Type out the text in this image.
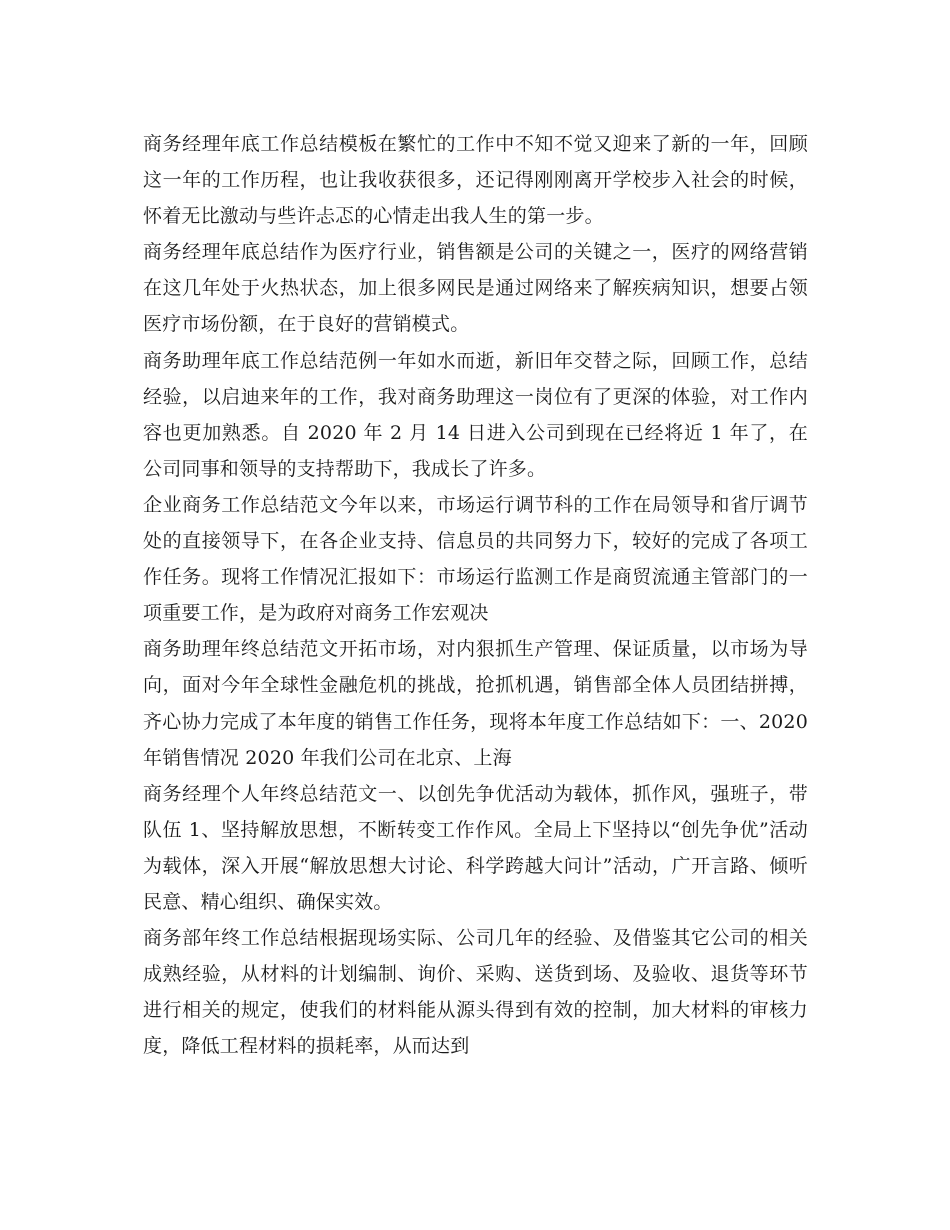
商务经理年底工作总结模板在繁忙的工作中不知不觉又迎来了新的一年，回顾这一年的工作历程，也让我收获很多，还记得刚刚离开学校步入社会的时候，怀着无比激动与些许忐忑的心情走出我人生的第一步。

商务经理年底总结作为医疗行业，销售额是公司的关键之一，医疗的网络营销在这几年处于火热状态，加上很多网民是通过网络来了解疾病知识，想要占领医疗市场份额，在于良好的营销模式。

商务助理年底工作总结范例一年如水而逝，新旧年交替之际，回顾工作，总结经验，以启迪来年的工作，我对商务助理这一岗位有了更深的体验，对工作内容也更加熟悉。自 2020 年 2 月 14 日进入公司到现在已经将近 1 年了，在公司同事和领导的支持帮助下，我成长了许多。

企业商务工作总结范文今年以来，市场运行调节科的工作在局领导和省厅调节处的直接领导下，在各企业支持、信息员的共同努力下，较好的完成了各项工作任务。现将工作情况汇报如下：市场运行监测工作是商贸流通主管部门的一项重要工作，是为政府对商务工作宏观决

商务助理年终总结范文开拓市场，对内狠抓生产管理、保证质量，以市场为导向，面对今年全球性金融危机的挑战，抢抓机遇，销售部全体人员团结拼搏，齐心协力完成了本年度的销售工作任务，现将本年度工作总结如下：一、2020 年销售情况 2020 年我们公司在北京、上海

商务经理个人年终总结范文一、以创先争优活动为载体，抓作风，强班子，带队伍 1、坚持解放思想，不断转变工作作风。全局上下坚持以“创先争优”活动为载体，深入开展“解放思想大讨论、科学跨越大问计”活动，广开言路、倾听民意、精心组织、确保实效。

商务部年终工作总结根据现场实际、公司几年的经验、及借鉴其它公司的相关成熟经验，从材料的计划编制、询价、采购、送货到场、及验收、退货等环节进行相关的规定，使我们的材料能从源头得到有效的控制，加大材料的审核力度，降低工程材料的损耗率，从而达到
